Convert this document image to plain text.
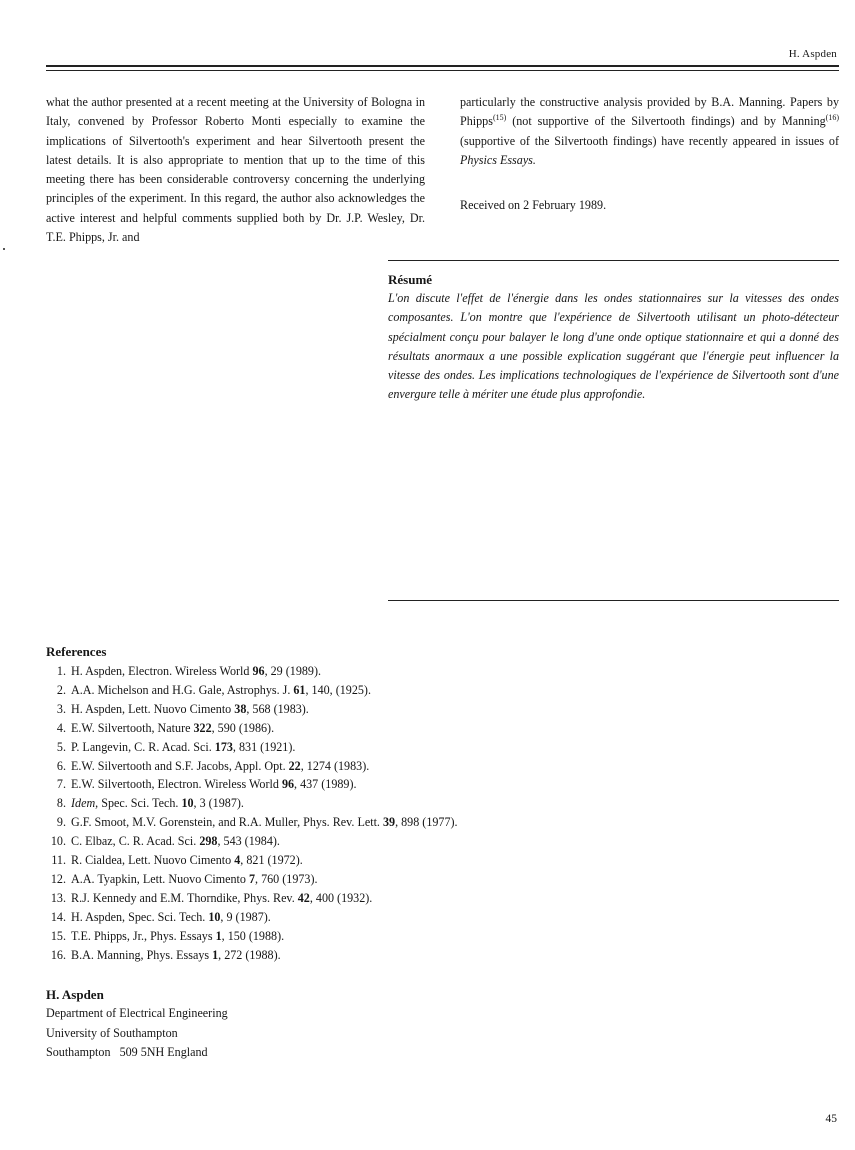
H. Aspden
what the author presented at a recent meeting at the University of Bologna in Italy, convened by Professor Roberto Monti especially to examine the implications of Silvertooth's experiment and hear Silvertooth present the latest details. It is also appropriate to mention that up to the time of this meeting there has been considerable controversy concerning the underlying principles of the experiment. In this regard, the author also acknowledges the active interest and helpful comments supplied both by Dr. J.P. Wesley, Dr. T.E. Phipps, Jr. and
particularly the constructive analysis provided by B.A. Manning. Papers by Phipps$^{(15)}$ (not supportive of the Silvertooth findings) and by Manning$^{(16)}$ (supportive of the Silvertooth findings) have recently appeared in issues of Physics Essays.
Received on 2 February 1989.

Résumé

L'on discute l'effet de l'énergie dans les ondes stationnaires sur la vitesses des ondes composantes. L'on montre que l'expérience de Silvertooth utilisant un photo-détecteur spécialment conçu pour balayer le long d'une onde optique stationnaire et qui a donné des résultats anormaux a une possible explication suggérant que l'énergie peut influencer la vitesse des ondes. Les implications technologiques de l'expérience de Silvertooth sont d'une envergure telle à mériter une étude plus approfondie.

References

1. H. Aspden, Electron. Wireless World 96, 29 (1989).
2. A.A. Michelson and H.G. Gale, Astrophys. J. 61, 140, (1925).
3. H. Aspden, Lett. Nuovo Cimento 38, 568 (1983).
4. E.W. Silvertooth, Nature 322, 590 (1986).
5. P. Langevin, C. R. Acad. Sci. 173, 831 (1921).
6. E.W. Silvertooth and S.F. Jacobs, Appl. Opt. 22, 1274 (1983).
7. E.W. Silvertooth, Electron. Wireless World 96, 437 (1989).
8. Idem, Spec. Sci. Tech. 10, 3 (1987).
9. G.F. Smoot, M.V. Gorenstein, and R.A. Muller, Phys. Rev. Lett. 39, 898 (1977).
10. C. Elbaz, C. R. Acad. Sci. 298, 543 (1984).
11. R. Cialdea, Lett. Nuovo Cimento 4, 821 (1972).
12. A.A. Tyapkin, Lett. Nuovo Cimento 7, 760 (1973).
13. R.J. Kennedy and E.M. Thorndike, Phys. Rev. 42, 400 (1932).
14. H. Aspden, Spec. Sci. Tech. 10, 9 (1987).
15. T.E. Phipps, Jr., Phys. Essays 1, 150 (1988).
16. B.A. Manning, Phys. Essays 1, 272 (1988).
H. Aspden
Department of Electrical Engineering
University of Southampton
Southampton   509 5NH England
45
